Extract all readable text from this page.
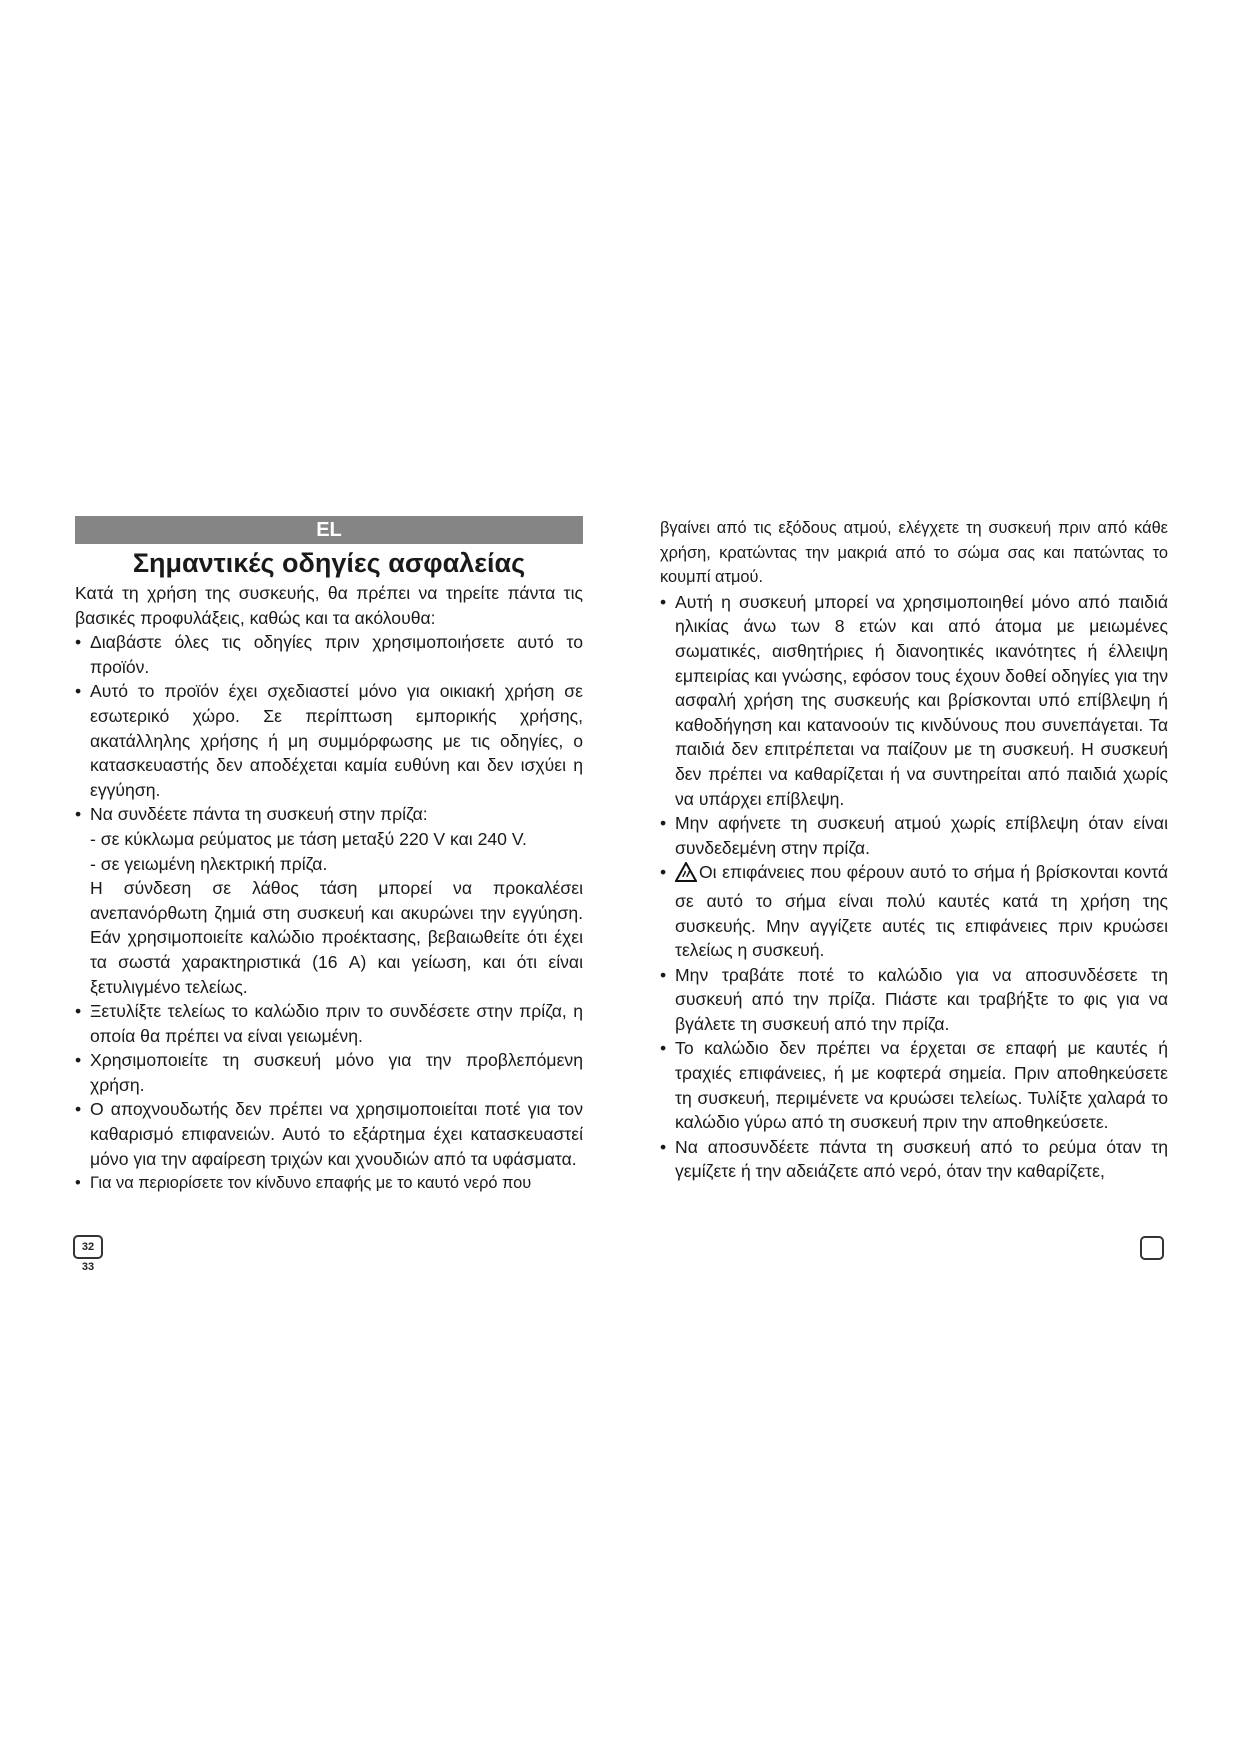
EL
Σημαντικές οδηγίες ασφαλείας

Κατά τη χρήση της συσκευής, θα πρέπει να τηρείτε πάντα τις βασικές προφυλάξεις, καθώς και τα ακόλουθα:

• Διαβάστε όλες τις οδηγίες πριν χρησιμοποιήσετε αυτό το προϊόν.
• Αυτό το προϊόν έχει σχεδιαστεί μόνο για οικιακή χρήση σε εσωτερικό χώρο. Σε περίπτωση εμπορικής χρήσης, ακατάλληλης χρήσης ή μη συμμόρφωσης με τις οδηγίες, ο κατασκευαστής δεν αποδέχεται καμία ευθύνη και δεν ισχύει η εγγύηση.
• Να συνδέετε πάντα τη συσκευή στην πρίζα:
- σε κύκλωμα ρεύματος με τάση μεταξύ 220 V και 240 V.
- σε γειωμένη ηλεκτρική πρίζα.
Η σύνδεση σε λάθος τάση μπορεί να προκαλέσει ανεπανόρθωτη ζημιά στη συσκευή και ακυρώνει την εγγύηση. Εάν χρησιμοποιείτε καλώδιο προέκτασης, βεβαιωθείτε ότι έχει τα σωστά χαρακτηριστικά (16 A) και γείωση, και ότι είναι ξετυλιγμένο τελείως.
• Ξετυλίξτε τελείως το καλώδιο πριν το συνδέσετε στην πρίζα, η οποία θα πρέπει να είναι γειωμένη.
• Χρησιμοποιείτε τη συσκευή μόνο για την προβλεπόμενη χρήση.
• Ο αποχνουδωτής δεν πρέπει να χρησιμοποιείται ποτέ για τον καθαρισμό επιφανειών. Αυτό το εξάρτημα έχει κατασκευαστεί μόνο για την αφαίρεση τριχών και χνουδιών από τα υφάσματα.
• Για να περιορίσετε τον κίνδυνο επαφής με το καυτό νερό που

βγαίνει από τις εξόδους ατμού, ελέγχετε τη συσκευή πριν από κάθε χρήση, κρατώντας την μακριά από το σώμα σας και πατώντας το κουμπί ατμού.

• Αυτή η συσκευή μπορεί να χρησιμοποιηθεί μόνο από παιδιά ηλικίας άνω των 8 ετών και από άτομα με μειωμένες σωματικές, αισθητήριες ή διανοητικές ικανότητες ή έλλειψη εμπειρίας και γνώσης, εφόσον τους έχουν δοθεί οδηγίες για την ασφαλή χρήση της συσκευής και βρίσκονται υπό επίβλεψη ή καθοδήγηση και κατανοούν τις κινδύνους που συνεπάγεται. Τα παιδιά δεν επιτρέπεται να παίζουν με τη συσκευή. Η συσκευή δεν πρέπει να καθαρίζεται ή να συντηρείται από παιδιά χωρίς να υπάρχει επίβλεψη.
• Μην αφήνετε τη συσκευή ατμού χωρίς επίβλεψη όταν είναι συνδεδεμένη στην πρίζα.
• Οι επιφάνειες που φέρουν αυτό το σήμα ή βρίσκονται κοντά σε αυτό το σήμα είναι πολύ καυτές κατά τη χρήση της συσκευής. Μην αγγίζετε αυτές τις επιφάνειες πριν κρυώσει τελείως η συσκευή.
• Μην τραβάτε ποτέ το καλώδιο για να αποσυνδέσετε τη συσκευή από την πρίζα. Πιάστε και τραβήξτε το φις για να βγάλετε τη συσκευή από την πρίζα.
• Το καλώδιο δεν πρέπει να έρχεται σε επαφή με καυτές ή τραχιές επιφάνειες, ή με κοφτερά σημεία. Πριν αποθηκεύσετε τη συσκευή, περιμένετε να κρυώσει τελείως. Τυλίξτε χαλαρά το καλώδιο γύρω από τη συσκευή πριν την αποθηκεύσετε.
• Να αποσυνδέετε πάντα τη συσκευή από το ρεύμα όταν τη γεμίζετε ή την αδειάζετε από νερό, όταν την καθαρίζετε,
32 33
